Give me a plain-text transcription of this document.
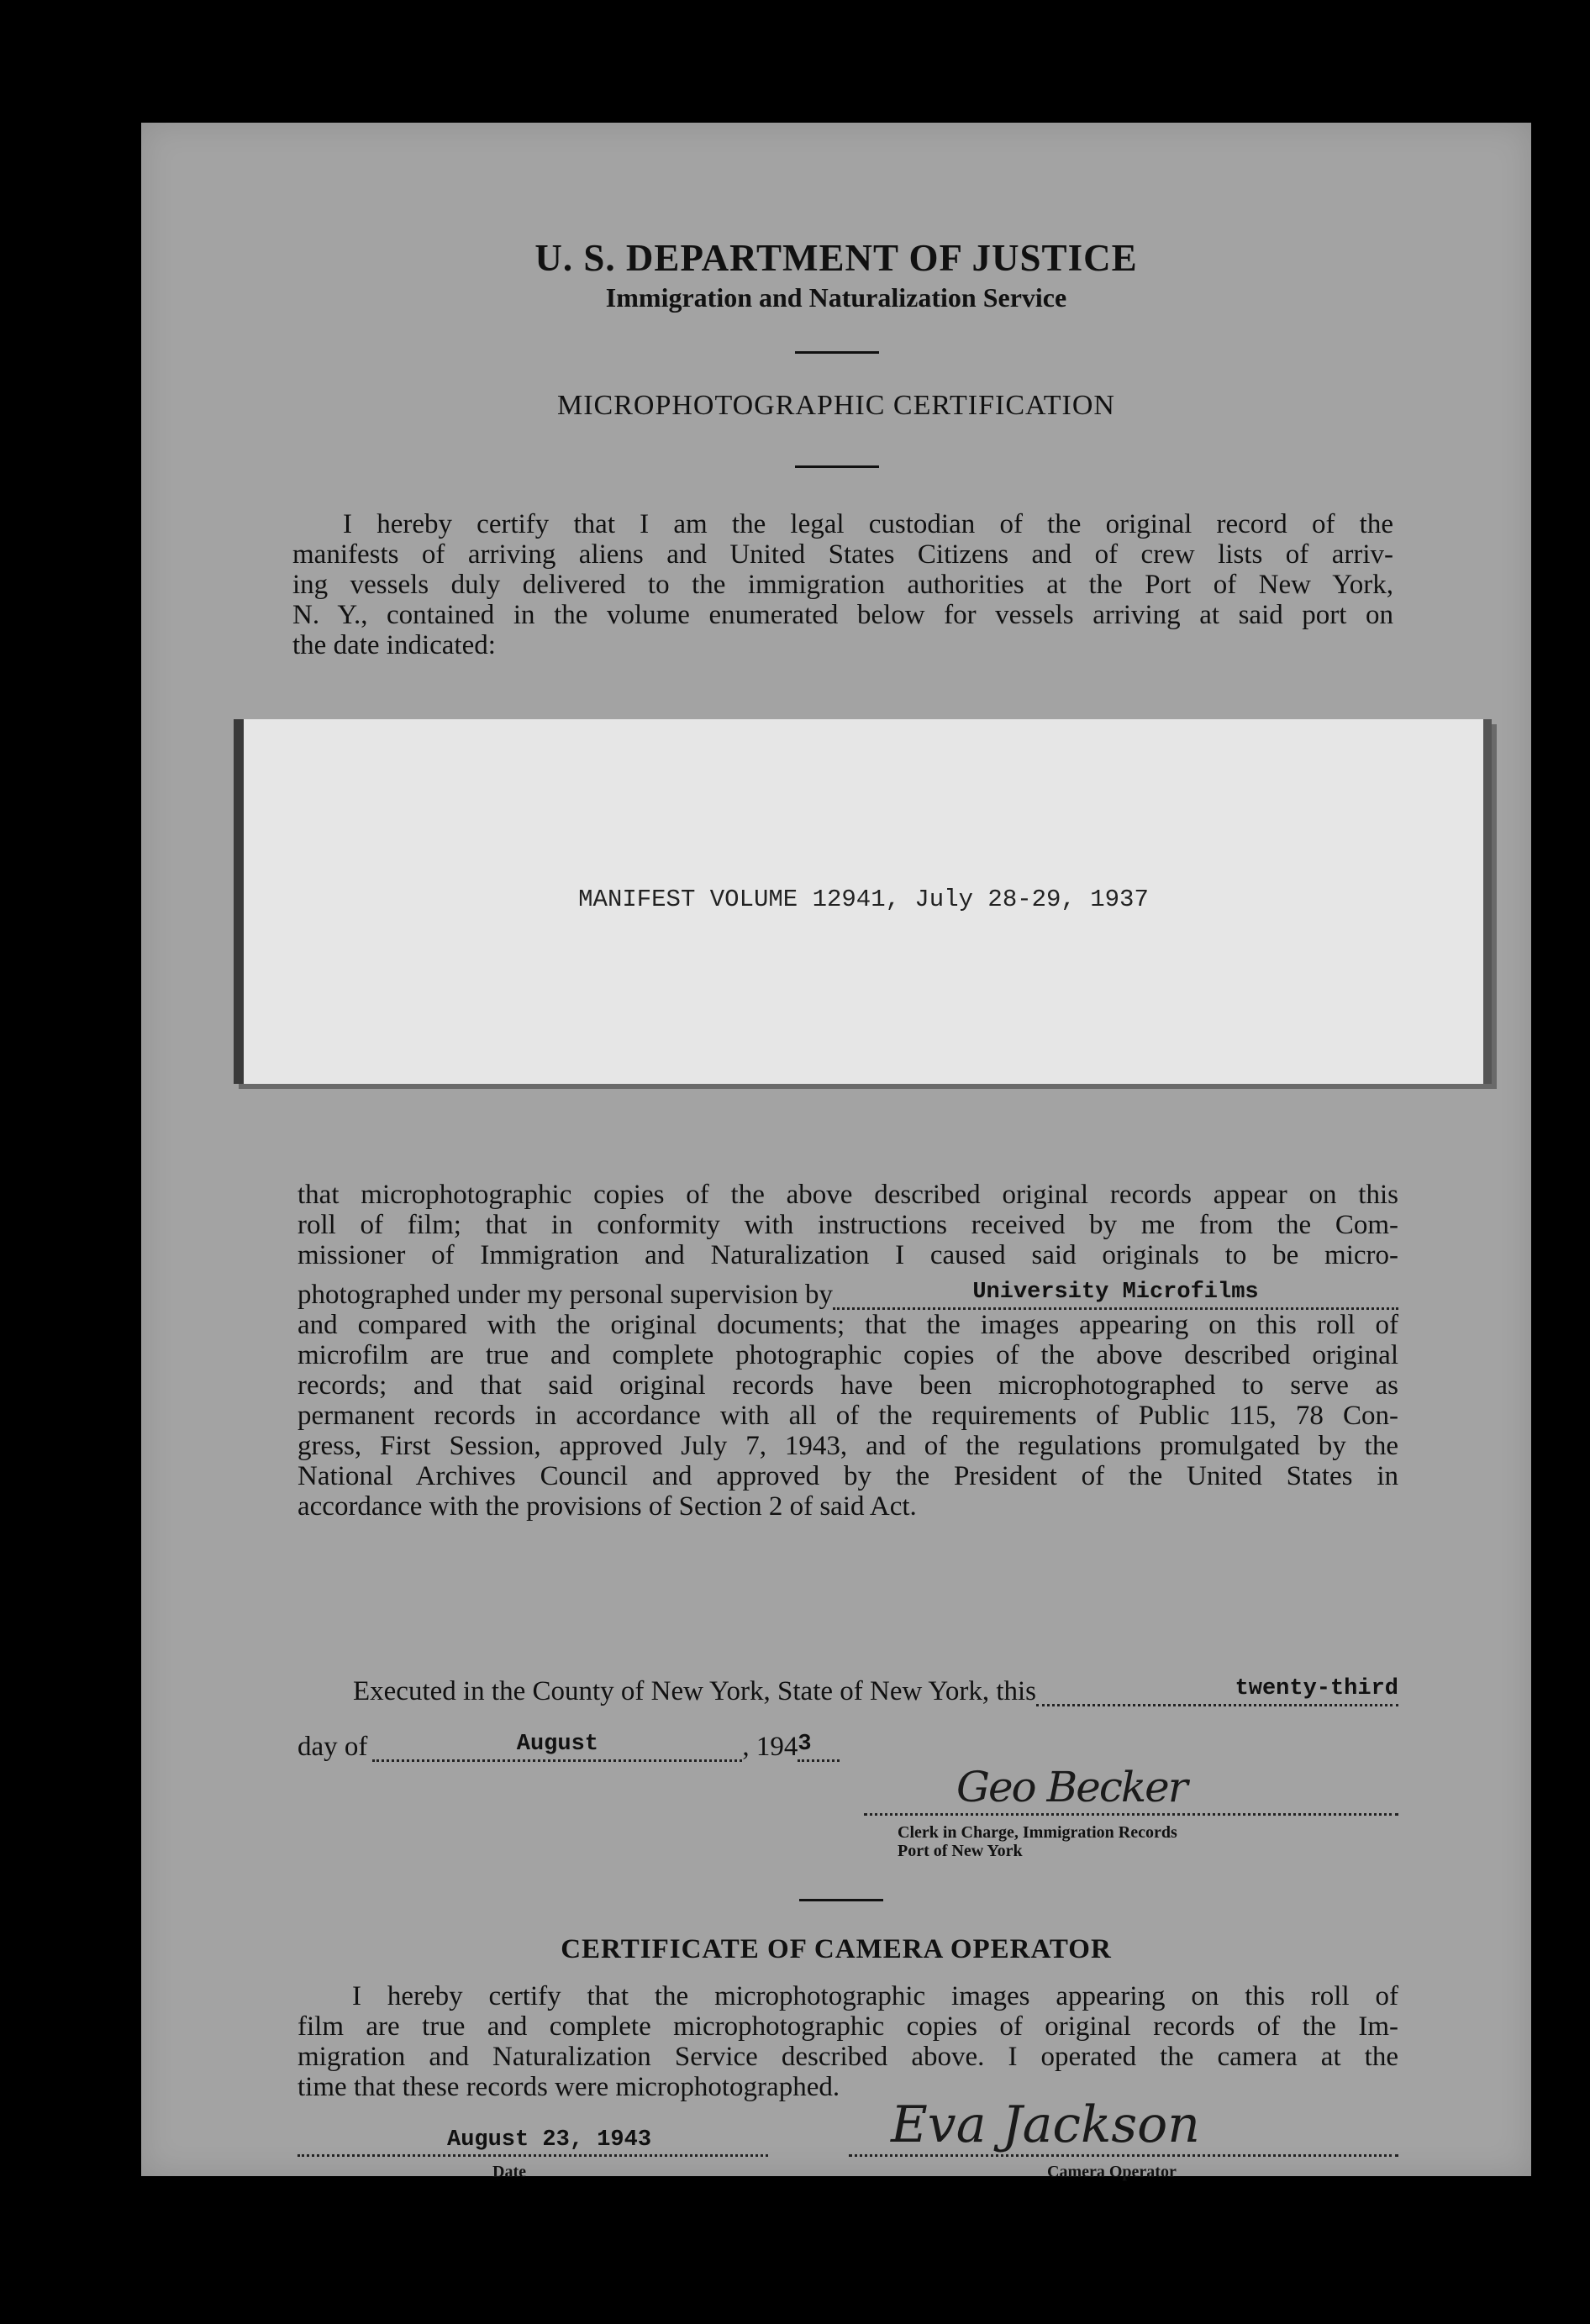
U. S. DEPARTMENT OF JUSTICE
Immigration and Naturalization Service
MICROPHOTOGRAPHIC CERTIFICATION
I hereby certify that I am the legal custodian of the original record of the
manifests of arriving aliens and United States Citizens and of crew lists of arriv-
ing vessels duly delivered to the immigration authorities at the Port of New York,
N. Y., contained in the volume enumerated below for vessels arriving at said port on
the date indicated:
MANIFEST VOLUME 12941, July 28-29, 1937
that microphotographic copies of the above described original records appear on this
roll of film; that in conformity with instructions received by me from the Com-
missioner of Immigration and Naturalization I caused said originals to be micro-
photographed under my personal supervision by	University Microfilms
and compared with the original documents; that the images appearing on this roll of
microfilm are true and complete photographic copies of the above described original
records; and that said original records have been microphotographed to serve as
permanent records in accordance with all of the requirements of Public 115, 78 Con-
gress, First Session, approved July 7, 1943, and of the regulations promulgated by the
National Archives Council and approved by the President of the United States in
accordance with the provisions of Section 2 of said Act.
Executed in the County of New York, State of New York, this	twenty-third
day of	August	, 194 3
Geo Becker
Clerk in Charge, Immigration Records
Port of New York
CERTIFICATE OF CAMERA OPERATOR
I hereby certify that the microphotographic images appearing on this roll of
film are true and complete microphotographic copies of original records of the Im-
migration and Naturalization Service described above. I operated the camera at the
time that these records were microphotographed.
August 23, 1943
Date
Eva Jackson
Camera Operator
